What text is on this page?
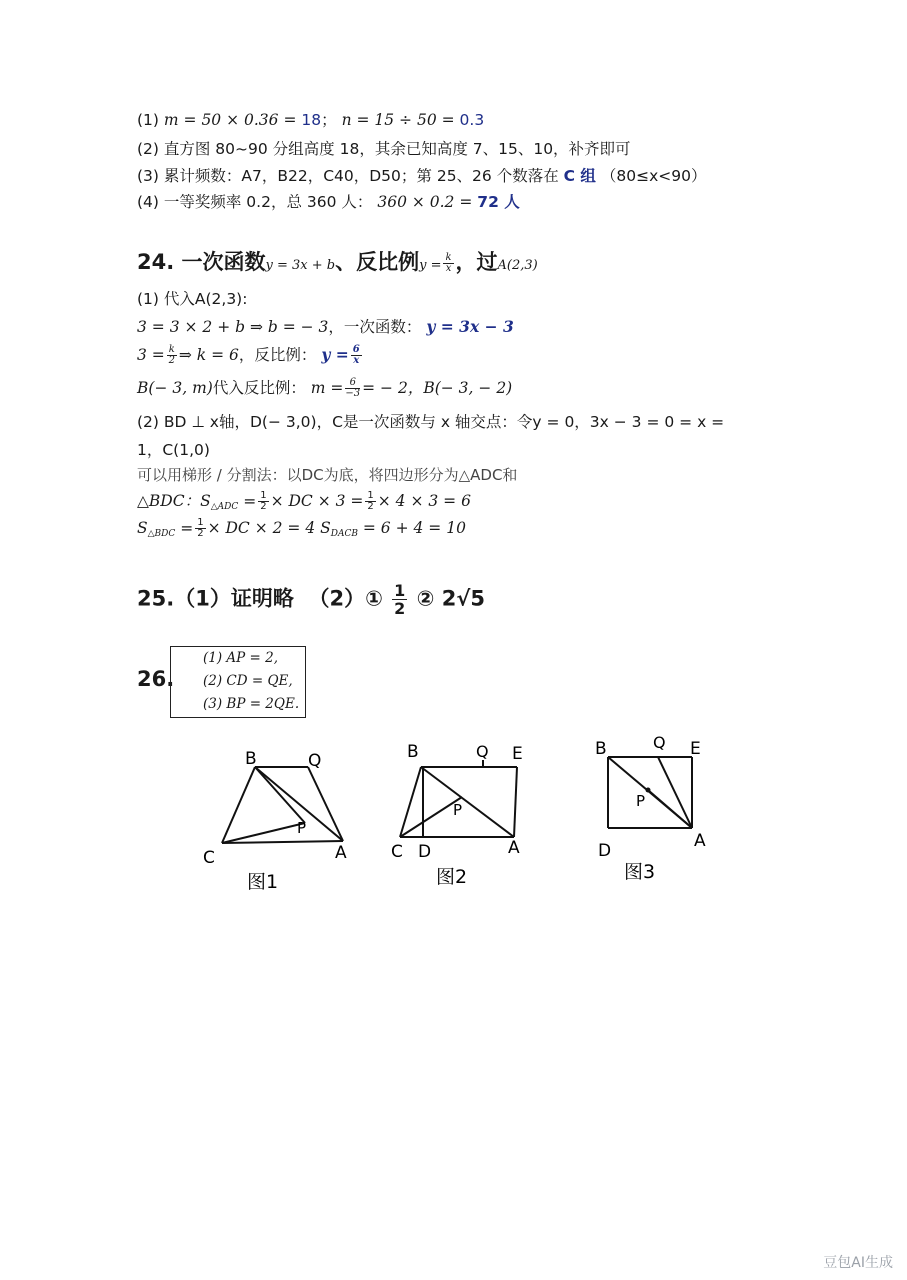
(1) m = 50 × 0.36 = 18； n = 15 ÷ 50 = 0.3
(2) 直方图 80~90 分组高度 18，其余已知高度 7、15、10，补齐即可
(3) 累计频数：A7，B22，C40，D50；第 25、26 个数落在 C 组 （80≤x<90）
(4) 一等奖频率 0.2，总 360 人： 360 × 0.2 = 72 人
24. 一次函数y = 3x + b、反比例$y = \frac{k}{x}$ ，过A(2,3)
(1) 代入A(2,3):
3 = 3 × 2 + b ⇒ b = − 3，一次函数： y = 3x − 3
$3 = \frac{k}{2}$ ⇒ k = 6，反比例： $y = \frac{6}{x}$
B(− 3, m)代入反比例： $m = \frac{6}{-3}$ = − 2，B(− 3, − 2)
(2) BD ⊥ x轴，D(− 3,0)，C是一次函数与 x 轴交点：令y = 0，3x − 3 = 0 = x =
1，C(1,0)
可以用梯形 / 分割法：以DC为底，将四边形分为△ADC和
△BDC：$S_{\triangle ADC} = \frac{1}{2}$ × DC × $3 = \frac{1}{2} \times 4 \times 3 = 6$
$S_{\triangle BDC} = \frac{1}{2}$ × DC × 2 = 4 $S_{DACB} = 6 + 4 = 10$
25.（1）证明略 （2）① $\frac{1}{2}$ ② 2√5
26.
(1) AP = 2,
(2) CD = QE,
(3) BP = 2QE.
B	Q
C
P
A
图1
B	Q E
P
C D	A
图2
B	Q E
P
D	A
图3
豆包AI生成
